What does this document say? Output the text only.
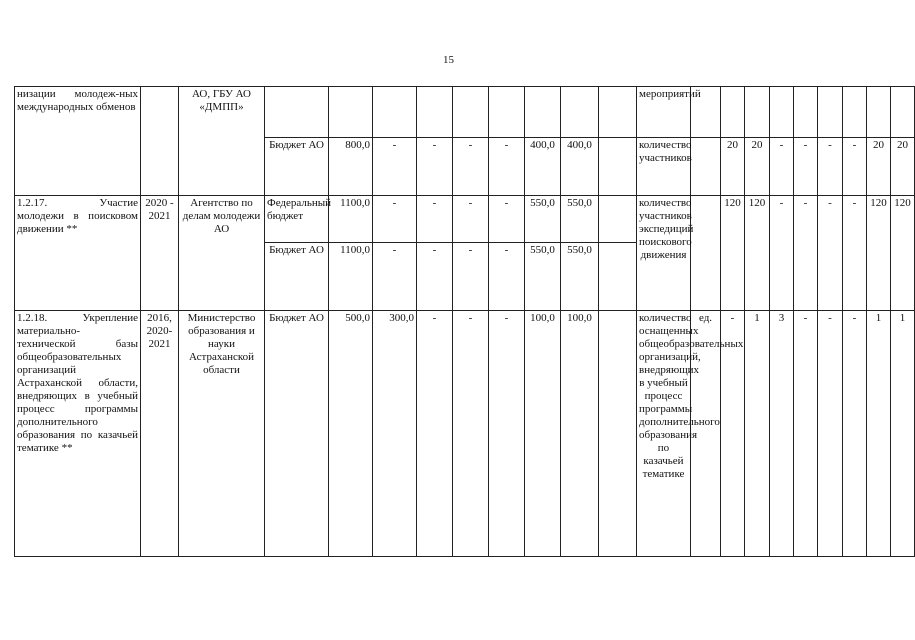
15
низации молодеж-ных международных обменов		АО, ГБУ АО «ДМПП»										мероприятий									
			Бюджет АО	800,0	-	-	-	-	400,0	400,0		количество участников		20	20	-	-	-	-	20	20
1.2.17. Участие молодежи в поисковом движении **	2020 - 2021	Агентство по делам молодежи АО	Федеральный бюджет	1100,0	-	-	-	-	550,0	550,0		количество участников экспедиций поискового движения		120	120	-	-	-	-	120	120
			Бюджет АО	1100,0	-	-	-	-	550,0	550,0											
1.2.18. Укрепление материально-технической базы общеобразовательных организаций Астраханской области, внедряющих в учебный процесс программы дополнительного образования по казачьей тематике **	2016, 2020-2021	Министерство образования и науки Астраханской области	Бюджет АО	500,0	300,0	-	-	-	100,0	100,0		количество оснащенных общеобразовательных организаций, внедряющих в учебный процесс программы дополнительного образования по казачьей тематике	ед.	-	1	3	-	-	-	1	1
